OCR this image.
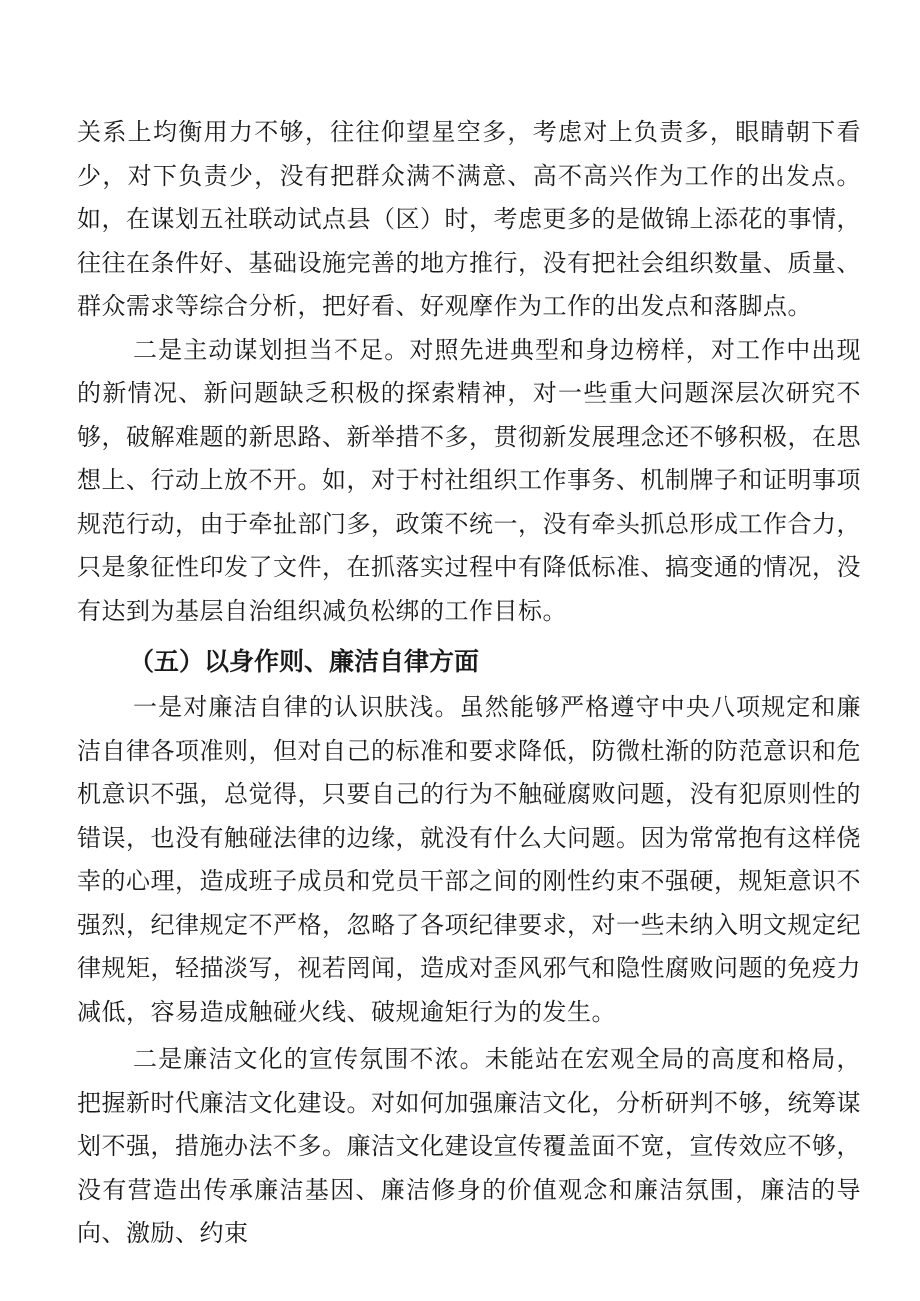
关系上均衡用力不够，往往仰望星空多，考虑对上负责多，眼睛朝下看少，对下负责少，没有把群众满不满意、高不高兴作为工作的出发点。如，在谋划五社联动试点县（区）时，考虑更多的是做锦上添花的事情，往往在条件好、基础设施完善的地方推行，没有把社会组织数量、质量、群众需求等综合分析，把好看、好观摩作为工作的出发点和落脚点。

二是主动谋划担当不足。对照先进典型和身边榜样，对工作中出现的新情况、新问题缺乏积极的探索精神，对一些重大问题深层次研究不够，破解难题的新思路、新举措不多，贯彻新发展理念还不够积极，在思想上、行动上放不开。如，对于村社组织工作事务、机制牌子和证明事项规范行动，由于牵扯部门多，政策不统一，没有牵头抓总形成工作合力，只是象征性印发了文件，在抓落实过程中有降低标准、搞变通的情况，没有达到为基层自治组织减负松绑的工作目标。

（五）以身作则、廉洁自律方面

一是对廉洁自律的认识肤浅。虽然能够严格遵守中央八项规定和廉洁自律各项准则，但对自己的标准和要求降低，防微杜渐的防范意识和危机意识不强，总觉得，只要自己的行为不触碰腐败问题，没有犯原则性的错误，也没有触碰法律的边缘，就没有什么大问题。因为常常抱有这样侥幸的心理，造成班子成员和党员干部之间的刚性约束不强硬，规矩意识不强烈，纪律规定不严格，忽略了各项纪律要求，对一些未纳入明文规定纪律规矩，轻描淡写，视若罔闻，造成对歪风邪气和隐性腐败问题的免疫力减低，容易造成触碰火线、破规逾矩行为的发生。

二是廉洁文化的宣传氛围不浓。未能站在宏观全局的高度和格局，把握新时代廉洁文化建设。对如何加强廉洁文化，分析研判不够，统筹谋划不强，措施办法不多。廉洁文化建设宣传覆盖面不宽，宣传效应不够，没有营造出传承廉洁基因、廉洁修身的价值观念和廉洁氛围，廉洁的导向、激励、约束
